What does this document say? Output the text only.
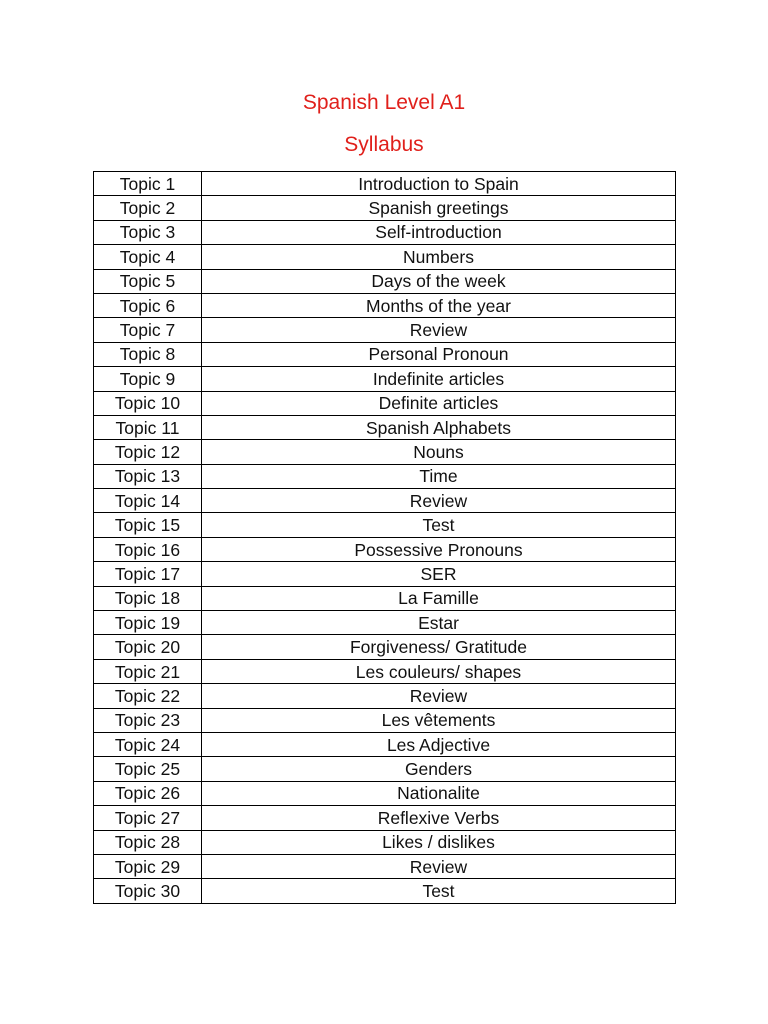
Spanish Level A1
Syllabus
Topic 1	Introduction to Spain
Topic 2	Spanish greetings
Topic 3	Self-introduction
Topic 4	Numbers
Topic 5	Days of the week
Topic 6	Months of the year
Topic 7	Review
Topic 8	Personal Pronoun
Topic 9	Indefinite articles
Topic 10	Definite articles
Topic 11	Spanish Alphabets
Topic 12	Nouns
Topic 13	Time
Topic 14	Review
Topic 15	Test
Topic 16	Possessive Pronouns
Topic 17	SER
Topic 18	La Famille
Topic 19	Estar
Topic 20	Forgiveness/ Gratitude
Topic 21	Les couleurs/ shapes
Topic 22	Review
Topic 23	Les vêtements
Topic 24	Les Adjective
Topic 25	Genders
Topic 26	Nationalite
Topic 27	Reflexive Verbs
Topic 28	Likes / dislikes
Topic 29	Review
Topic 30	Test
